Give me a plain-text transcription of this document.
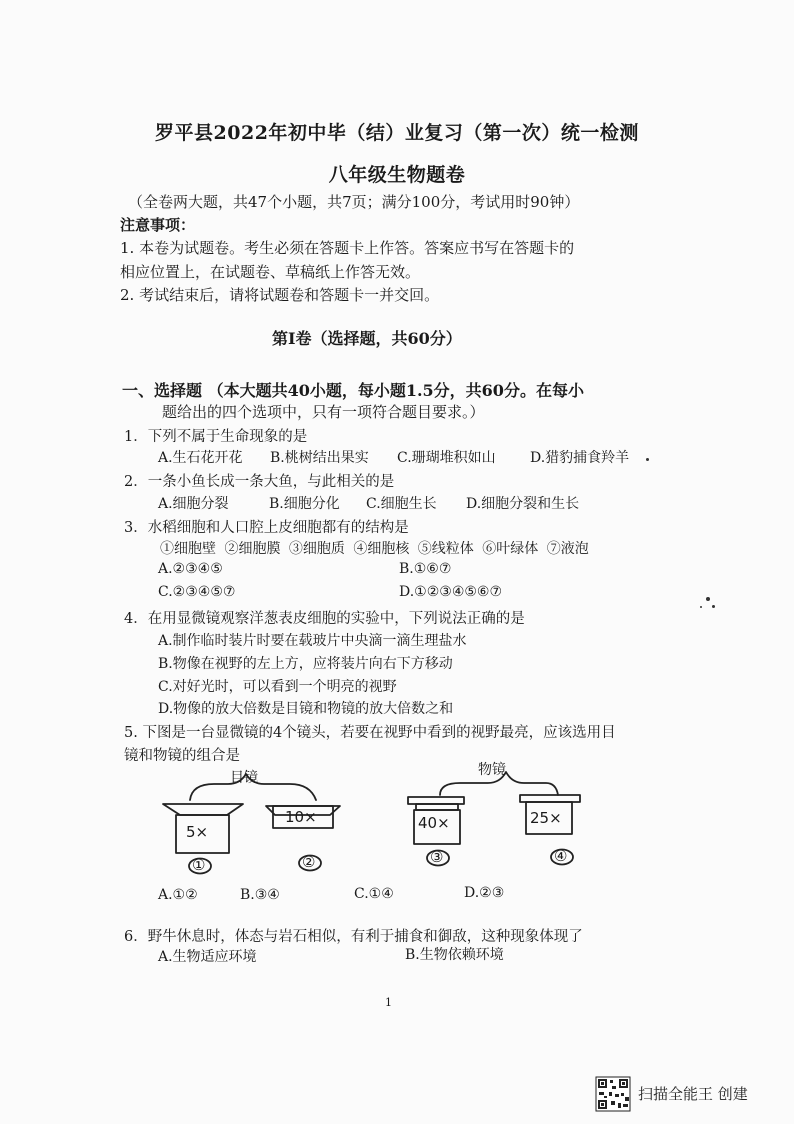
罗平县2022年初中毕（结）业复习（第一次）统一检测
八年级生物题卷
（全卷两大题，共47个小题，共7页；满分100分，考试用时90钟）
注意事项：
1. 本卷为试题卷。考生必须在答题卡上作答。答案应书写在答题卡的
相应位置上，在试题卷、草稿纸上作答无效。
2. 考试结束后，请将试题卷和答题卡一并交回。
第Ⅰ卷（选择题，共60分）
一、选择题 （本大题共40小题，每小题1.5分，共60分。在每小
题给出的四个选项中，只有一项符合题目要求。）
1．下列不属于生命现象的是
A.生石花开花 B.桃树结出果实 C.珊瑚堆积如山 D.猎豹捕食羚羊
2．一条小鱼长成一条大鱼，与此相关的是
A.细胞分裂	B.细胞分化 C.细胞生长 D.细胞分裂和生长
3．水稻细胞和人口腔上皮细胞都有的结构是
①细胞壁 ②细胞膜 ③细胞质 ④细胞核 ⑤线粒体 ⑥叶绿体 ⑦液泡
A.②③④⑤	B.①⑥⑦
C.②③④⑤⑦	D.①②③④⑤⑥⑦
4．在用显微镜观察洋葱表皮细胞的实验中，下列说法正确的是
A.制作临时装片时要在载玻片中央滴一滴生理盐水
B.物像在视野的左上方，应将装片向右下方移动
C.对好光时，可以看到一个明亮的视野
D.物像的放大倍数是目镜和物镜的放大倍数之和
5. 下图是一台显微镜的4个镜头，若要在视野中看到的视野最亮，应该选用目
镜和物镜的组合是
目镜	物镜
5×
10×	40×	25×
①	②	③	④
A.①②	B.③④	C.①④	D.②③
6．野牛休息时，体态与岩石相似，有利于捕食和御敌，这种现象体现了
A.生物适应环境	B.生物依赖环境
1
扫描全能王 创建
